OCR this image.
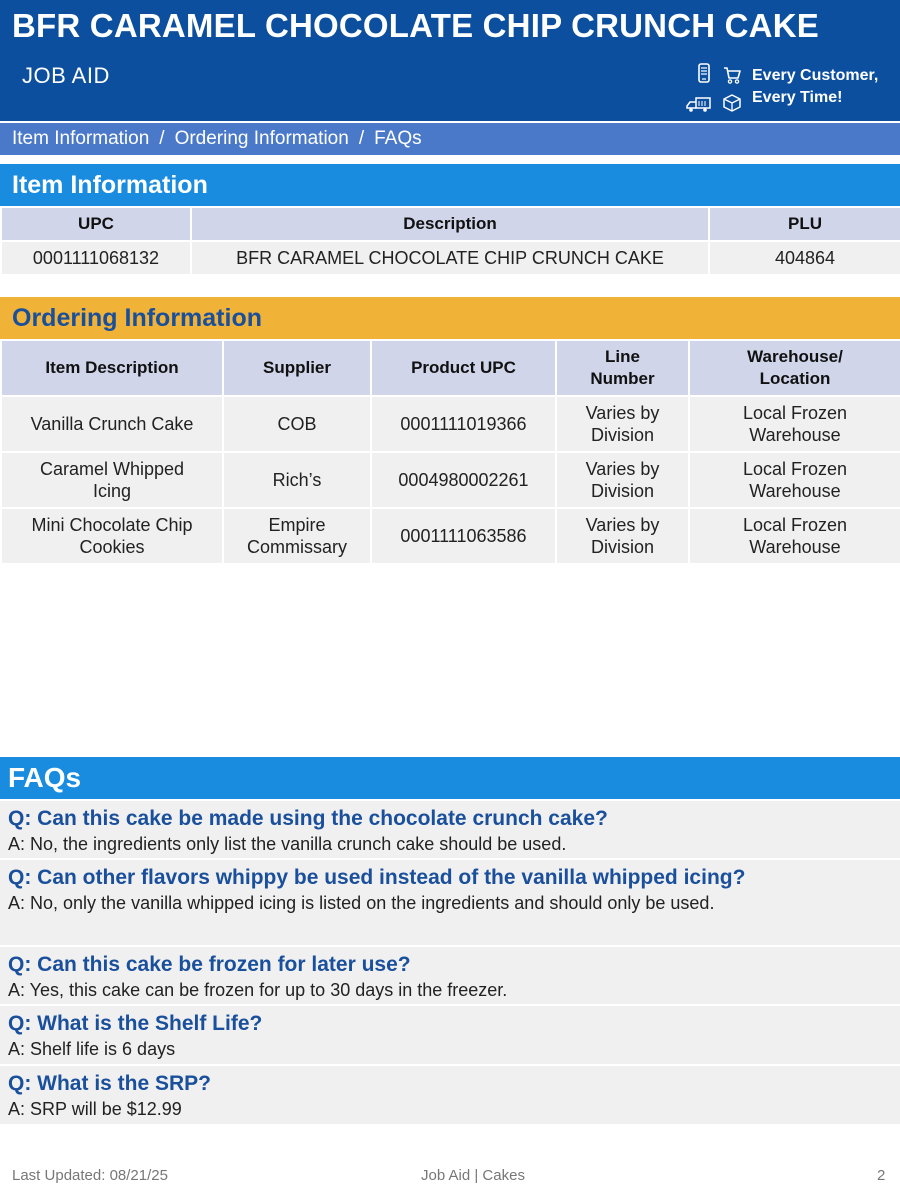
BFR CARAMEL CHOCOLATE CHIP CRUNCH CAKE
JOB AID	Every Customer,
Every Time!
Item Information / Ordering Information / FAQs
Item Information
UPC	Description	PLU
0001111068132	BFR CARAMEL CHOCOLATE CHIP CRUNCH CAKE	404864
Ordering Information
Item Description	Supplier	Product UPC	Line Number	Warehouse/ Location
Vanilla Crunch Cake	COB	0001111019366	Varies by Division	Local Frozen Warehouse
Caramel Whipped Icing	Rich’s	0004980002261	Varies by Division	Local Frozen Warehouse
Mini Chocolate Chip Cookies	Empire Commissary	0001111063586	Varies by Division	Local Frozen Warehouse
FAQs
Q: Can this cake be made using the chocolate crunch cake?
A: No, the ingredients only list the vanilla crunch cake should be used.
Q: Can other flavors whippy be used instead of the vanilla whipped icing?
A: No, only the vanilla whipped icing is listed on the ingredients and should only be used.
Q: Can this cake be frozen for later use?
A: Yes, this cake can be frozen for up to 30 days in the freezer.
Q: What is the Shelf Life?
A: Shelf life is 6 days
Q: What is the SRP?
A: SRP will be $12.99
Last Updated: 08/21/25	Job Aid | Cakes	2
